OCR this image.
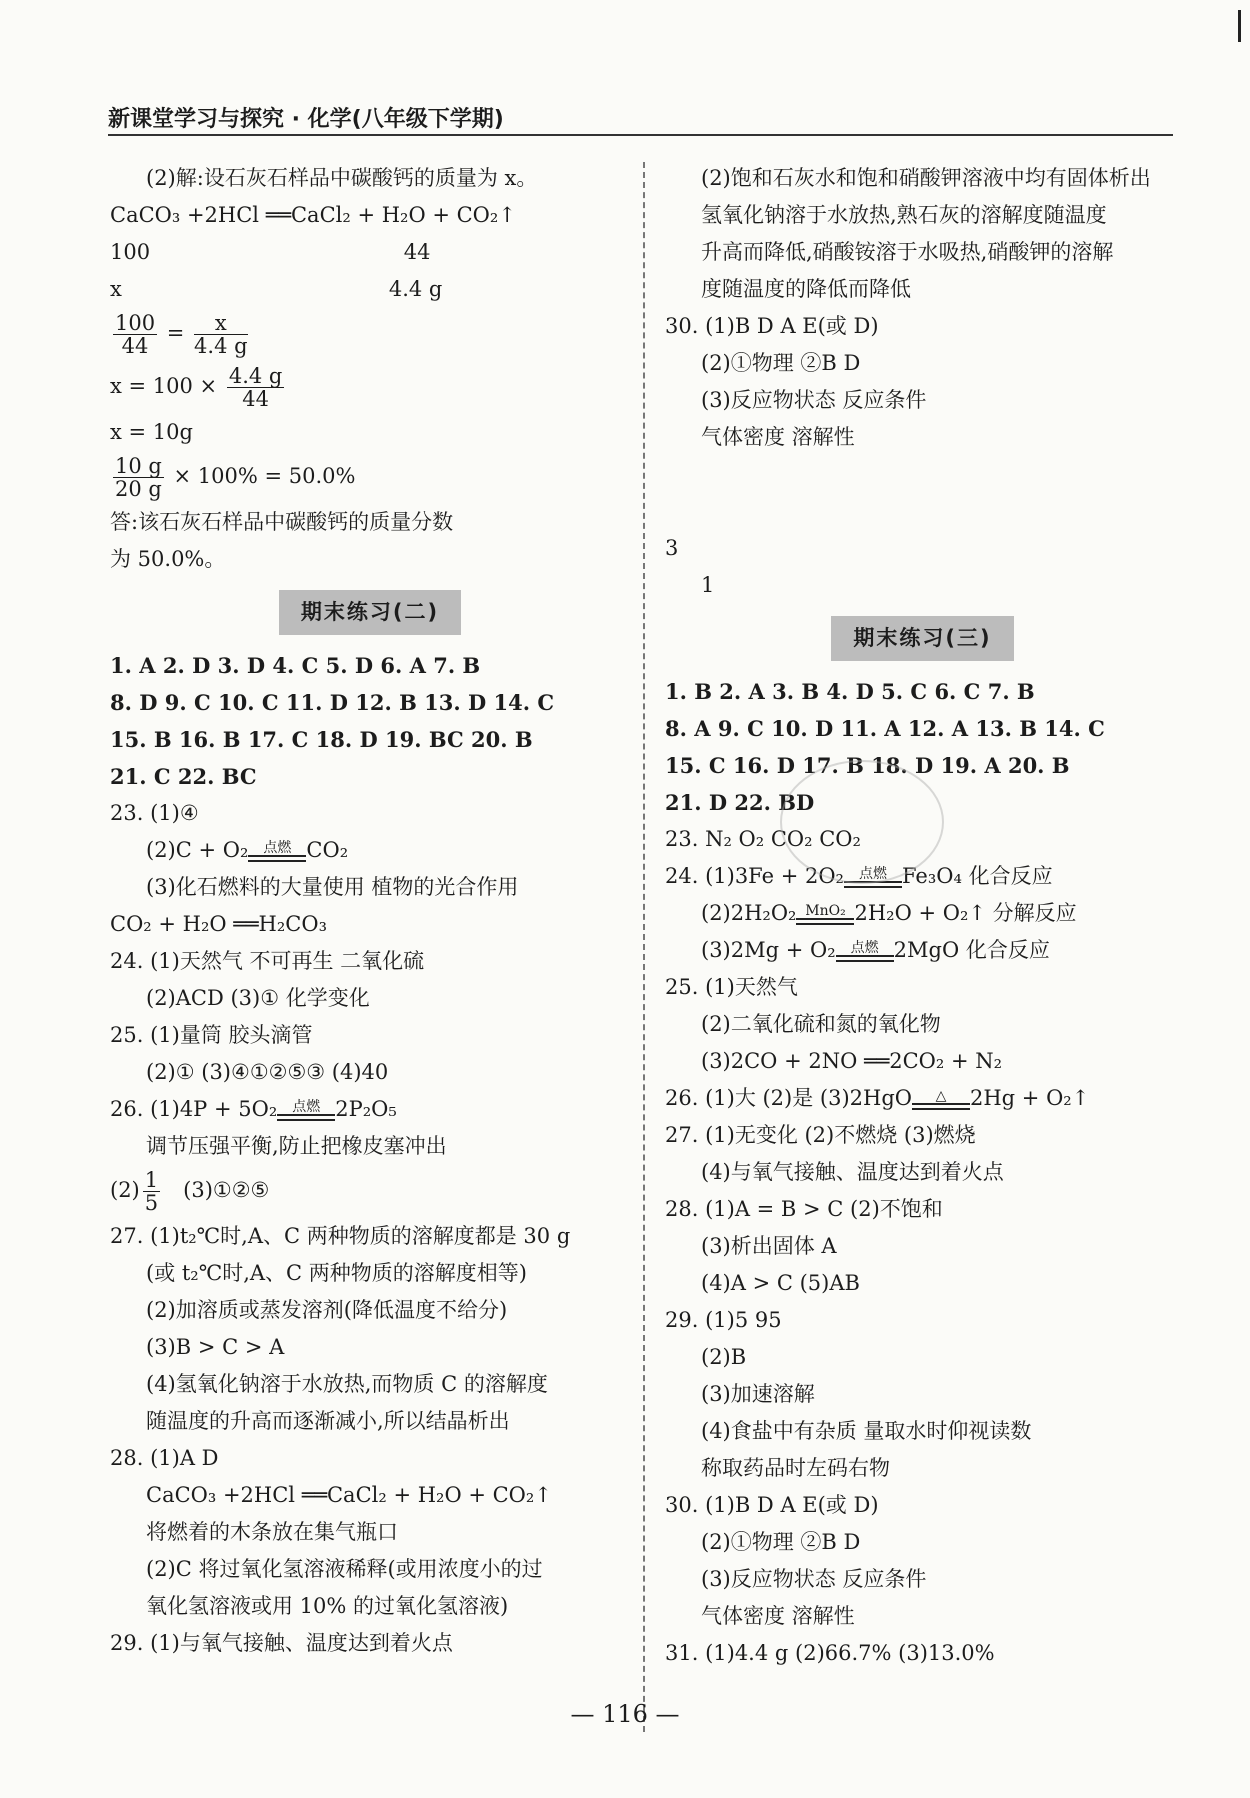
新课堂学习与探究 · 化学(八年级下学期)
(2)解:设石灰石样品中碳酸钙的质量为 x。
CaCO₃ +2HCl ══CaCl₂ + H₂O + CO₂↑
100                                      44
x                                        4.4 g
$\frac{100}{44} = \frac{x}{4.4 g}$
$x = 100 \times \frac{4.4 g}{44}$
x = 10g
$\frac{10 g}{20 g} \times 100\% = 50.0\%$
答:该石灰石样品中碳酸钙的质量分数
为 50.0%。
期末练习(二)
1. A 2. D 3. D 4. C 5. D 6. A 7. B
8. D 9. C 10. C 11. D 12. B 13. D 14. C
15. B 16. B 17. C 18. D 19. BC 20. B
21. C 22. BC
23. (1)④
(2)C + O₂	点燃 CO₂
(3)化石燃料的大量使用 植物的光合作用
CO₂ + H₂O ══H₂CO₃
24. (1)天然气 不可再生 二氧化硫
(2)ACD (3)① 化学变化
25. (1)量筒 胶头滴管
(2)① (3)④①②⑤③ (4)40
26. (1)4P + 5O₂	点燃 2P₂O₅
调节压强平衡,防止把橡皮塞冲出
$(2) \frac{1}{5}$ (3)①②⑤
27. (1)t₂℃时,A、C 两种物质的溶解度都是 30 g
(或 t₂℃时,A、C 两种物质的溶解度相等)
(2)加溶质或蒸发溶剂(降低温度不给分)
(3)B > C > A
(4)氢氧化钠溶于水放热,而物质 C 的溶解度
随温度的升高而逐渐减小,所以结晶析出
28. (1)A D
CaCO₃ +2HCl ══CaCl₂ + H₂O + CO₂↑
将燃着的木条放在集气瓶口
(2)C 将过氧化氢溶液稀释(或用浓度小的过
氧化氢溶液或用 10% 的过氧化氢溶液)
29. (1)与氧气接触、温度达到着火点
(2)饱和石灰水和饱和硝酸钾溶液中均有固体析出
氢氧化钠溶于水放热,熟石灰的溶解度随温度
升高而降低,硝酸铵溶于水吸热,硝酸钾的溶解
度随温度的降低而降低
30. (1)B D A E(或 D)
(2)①物理 ②B D
(3)反应物状态 反应条件
气体密度 溶解性
3
1
期末练习(三)
1. B 2. A 3. B 4. D 5. C 6. C 7. B
8. A 9. C 10. D 11. A 12. A 13. B 14. C
15. C 16. D 17. B 18. D 19. A 20. B
21. D 22. BD
23. N₂ O₂ CO₂ CO₂
24. (1)3Fe + 2O₂	点燃 Fe₃O₄ 化合反应
(2)2H₂O₂ MnO₂ 2H₂O + O₂↑ 分解反应
(3)2Mg + O₂	点燃 2MgO 化合反应
25. (1)天然气
(2)二氧化硫和氮的氧化物
(3)2CO + 2NO ══2CO₂ + N₂
26. (1)大 (2)是 (3)2HgO	△	2Hg + O₂↑
27. (1)无变化 (2)不燃烧 (3)燃烧
(4)与氧气接触、温度达到着火点
28. (1)A = B > C (2)不饱和
(3)析出固体 A
(4)A > C (5)AB
29. (1)5 95
(2)B
(3)加速溶解
(4)食盐中有杂质 量取水时仰视读数
称取药品时左码右物
30. (1)B D A E(或 D)
(2)①物理 ②B D
(3)反应物状态 反应条件
气体密度 溶解性
31. (1)4.4 g (2)66.7% (3)13.0%
— 116 —
